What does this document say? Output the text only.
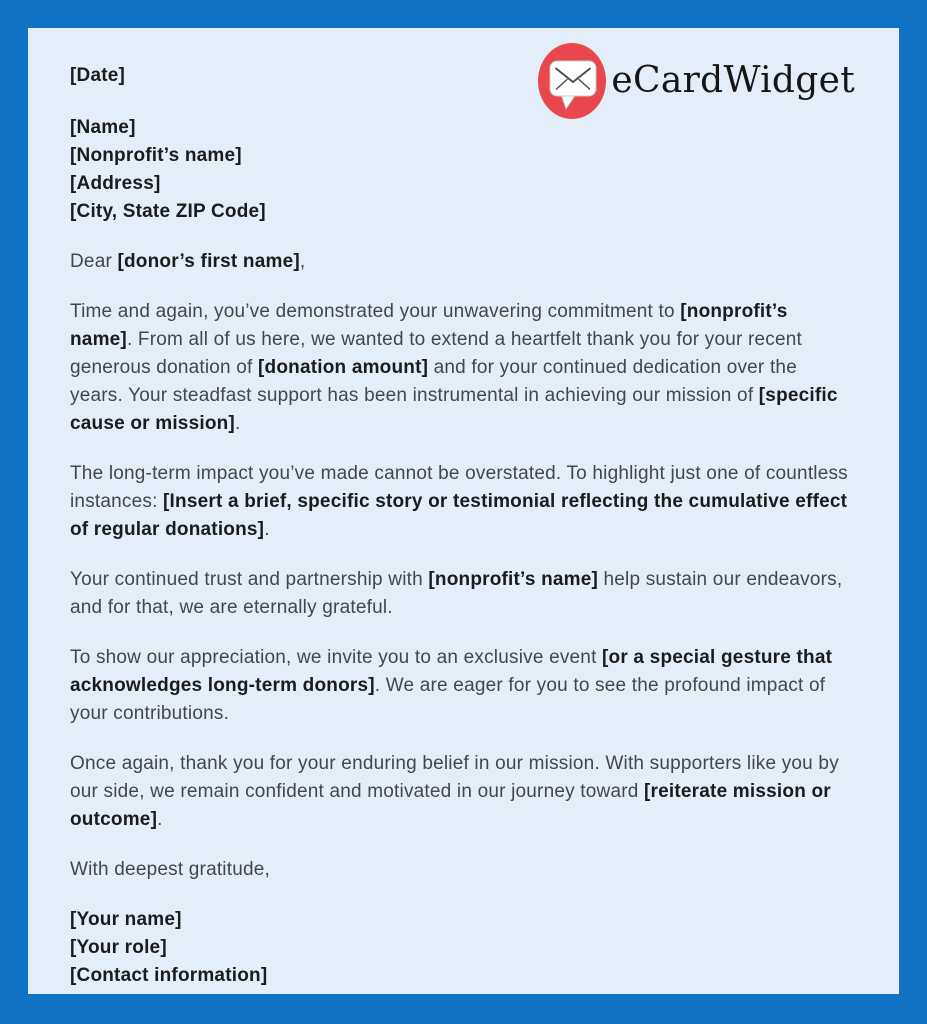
eCardWidget
[Date]
[Name]
[Nonprofit’s name]
[Address]
[City, State ZIP Code]

Dear [donor’s first name],

Time and again, you’ve demonstrated your unwavering commitment to [nonprofit’s name]. From all of us here, we wanted to extend a heartfelt thank you for your recent generous donation of [donation amount] and for your continued dedication over the years. Your steadfast support has been instrumental in achieving our mission of [specific cause or mission].

The long-term impact you’ve made cannot be overstated. To highlight just one of countless instances: [Insert a brief, specific story or testimonial reflecting the cumulative effect of regular donations].

Your continued trust and partnership with [nonprofit’s name] help sustain our endeavors, and for that, we are eternally grateful.

To show our appreciation, we invite you to an exclusive event [or a special gesture that acknowledges long-term donors]. We are eager for you to see the profound impact of your contributions.

Once again, thank you for your enduring belief in our mission. With supporters like you by our side, we remain confident and motivated in our journey toward [reiterate mission or outcome].

With deepest gratitude,

[Your name]
[Your role]
[Contact information]
